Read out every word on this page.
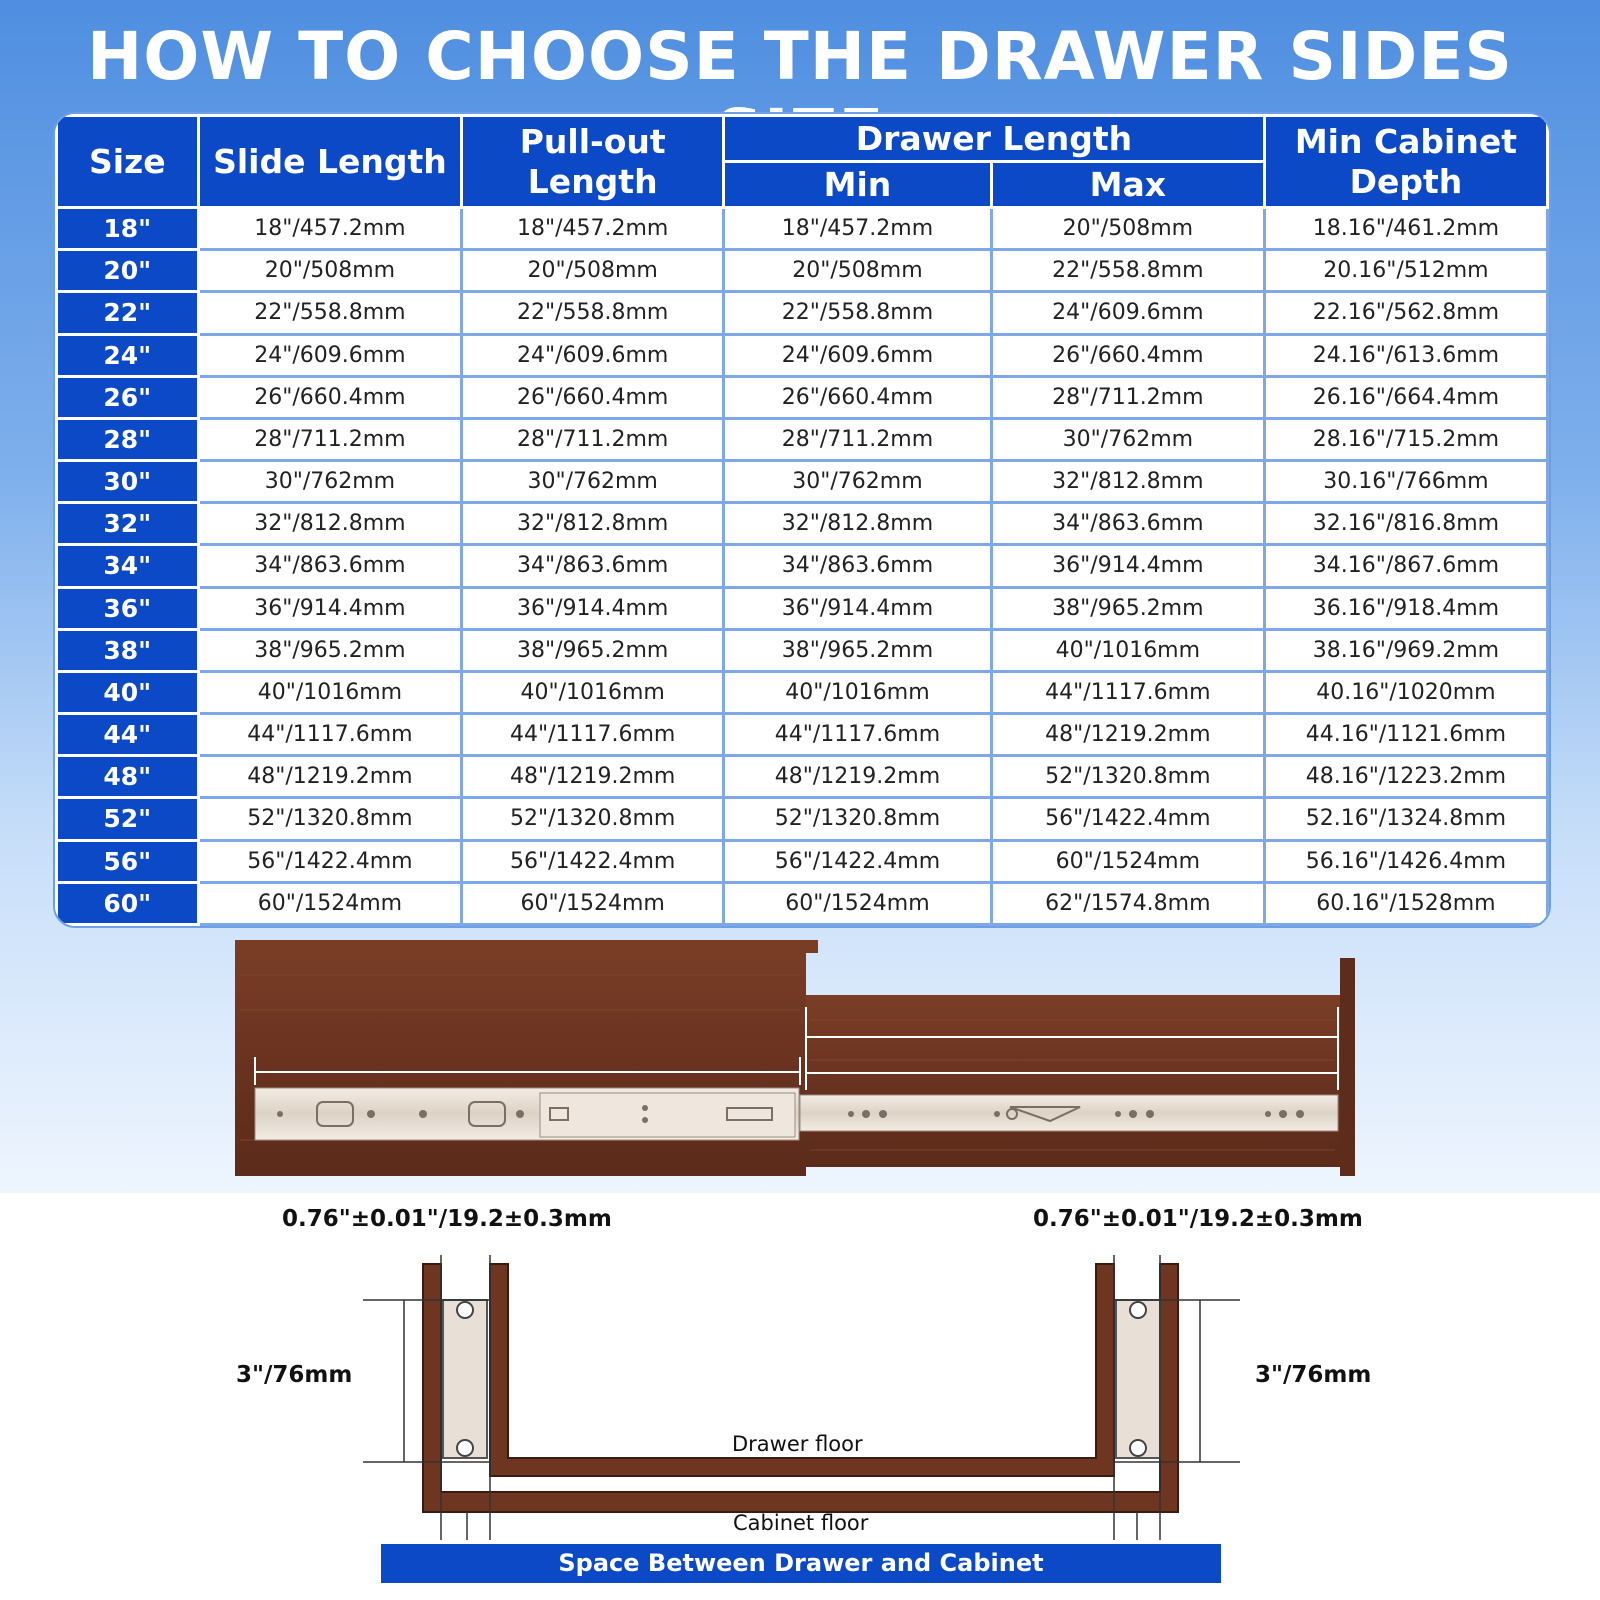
HOW TO CHOOSE THE DRAWER SIDES
Size	Slide Length	Pull-out Length	Drawer Length		Min Cabinet Depth
			Min	Max	
18"	18"/457.2mm	18"/457.2mm	18"/457.2mm	20"/508mm	18.16"/461.2mm
20"	20"/508mm	20"/508mm	20"/508mm	22"/558.8mm	20.16"/512mm
22"	22"/558.8mm	22"/558.8mm	22"/558.8mm	24"/609.6mm	22.16"/562.8mm
24"	24"/609.6mm	24"/609.6mm	24"/609.6mm	26"/660.4mm	24.16"/613.6mm
26"	26"/660.4mm	26"/660.4mm	26"/660.4mm	28"/711.2mm	26.16"/664.4mm
28"	28"/711.2mm	28"/711.2mm	28"/711.2mm	30"/762mm	28.16"/715.2mm
30"	30"/762mm	30"/762mm	30"/762mm	32"/812.8mm	30.16"/766mm
32"	32"/812.8mm	32"/812.8mm	32"/812.8mm	34"/863.6mm	32.16"/816.8mm
34"	34"/863.6mm	34"/863.6mm	34"/863.6mm	36"/914.4mm	34.16"/867.6mm
36"	36"/914.4mm	36"/914.4mm	36"/914.4mm	38"/965.2mm	36.16"/918.4mm
38"	38"/965.2mm	38"/965.2mm	38"/965.2mm	40"/1016mm	38.16"/969.2mm
40"	40"/1016mm	40"/1016mm	40"/1016mm	44"/1117.6mm	40.16"/1020mm
44"	44"/1117.6mm	44"/1117.6mm	44"/1117.6mm	48"/1219.2mm	44.16"/1121.6mm
48"	48"/1219.2mm	48"/1219.2mm	48"/1219.2mm	52"/1320.8mm	48.16"/1223.2mm
52"	52"/1320.8mm	52"/1320.8mm	52"/1320.8mm	56"/1422.4mm	52.16"/1324.8mm
56"	56"/1422.4mm	56"/1422.4mm	56"/1422.4mm	60"/1524mm	56.16"/1426.4mm
60"	60"/1524mm	60"/1524mm	60"/1524mm	62"/1574.8mm	60.16"/1528mm
0.76"±0.01"/19.2±0.3mm	0.76"±0.01"/19.2±0.3mm
3"/76mm	3"/76mm
Drawer floor
Cabinet floor
Space Between Drawer and Cabinet
